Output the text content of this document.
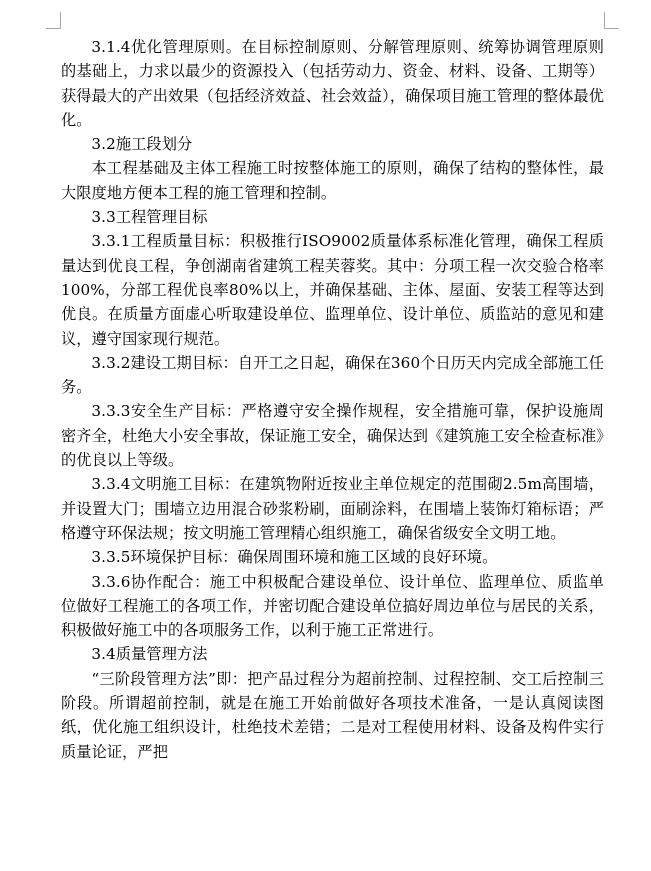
3.1.4优化管理原则。在目标控制原则、分解管理原则、统筹协调管理原则的基础上，力求以最少的资源投入（包括劳动力、资金、材料、设备、工期等）获得最大的产出效果（包括经济效益、社会效益），确保项目施工管理的整体最优化。

3.2施工段划分

本工程基础及主体工程施工时按整体施工的原则，确保了结构的整体性，最大限度地方便本工程的施工管理和控制。

3.3工程管理目标

3.3.1工程质量目标：积极推行ISO9002质量体系标准化管理，确保工程质量达到优良工程，争创湖南省建筑工程芙蓉奖。其中：分项工程一次交验合格率100%，分部工程优良率80%以上，并确保基础、主体、屋面、安装工程等达到优良。在质量方面虚心听取建设单位、监理单位、设计单位、质监站的意见和建议，遵守国家现行规范。

3.3.2建设工期目标：自开工之日起，确保在360个日历天内完成全部施工任务。

3.3.3安全生产目标：严格遵守安全操作规程，安全措施可靠，保护设施周密齐全，杜绝大小安全事故，保证施工安全，确保达到《建筑施工安全检查标准》的优良以上等级。

3.3.4文明施工目标：在建筑物附近按业主单位规定的范围砌2.5m高围墙，并设置大门；围墙立边用混合砂浆粉刷，面刷涂料，在围墙上装饰灯箱标语；严格遵守环保法规；按文明施工管理精心组织施工，确保省级安全文明工地。

3.3.5环境保护目标：确保周围环境和施工区域的良好环境。

3.3.6协作配合：施工中积极配合建设单位、设计单位、监理单位、质监单位做好工程施工的各项工作，并密切配合建设单位搞好周边单位与居民的关系，积极做好施工中的各项服务工作，以利于施工正常进行。

3.4质量管理方法

“三阶段管理方法”即：把产品过程分为超前控制、过程控制、交工后控制三阶段。所谓超前控制，就是在施工开始前做好各项技术准备，一是认真阅读图纸，优化施工组织设计，杜绝技术差错；二是对工程使用材料、设备及构件实行质量论证，严把
